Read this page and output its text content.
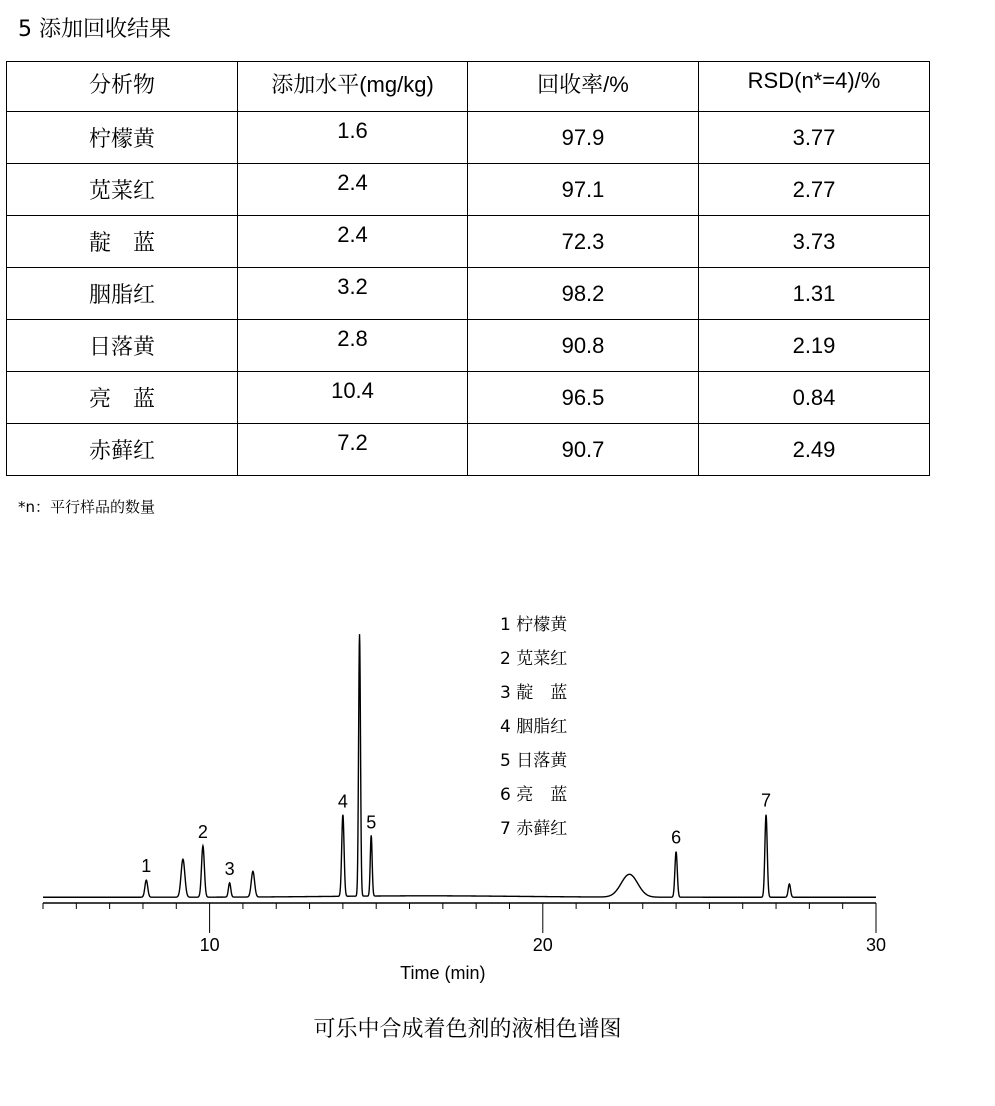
5 添加回收结果
分析物	添加水平(mg/kg)	回收率/%	RSD(n*=4)/%
柠檬黄	1.6	97.9	3.77
苋菜红	2.4	97.1	2.77
靛　蓝	2.4	72.3	3.73
胭脂红	3.2	98.2	1.31
日落黄	2.8	90.8	2.19
亮　蓝	10.4	96.5	0.84
赤藓红	7.2	90.7	2.49
*n：平行样品的数量
10	20	30
Time (min)
1
2
3
4
5
6
7
1 柠檬黄
2 苋菜红
3 靛　蓝
4 胭脂红
5 日落黄
6 亮　蓝
7 赤藓红
可乐中合成着色剂的液相色谱图
